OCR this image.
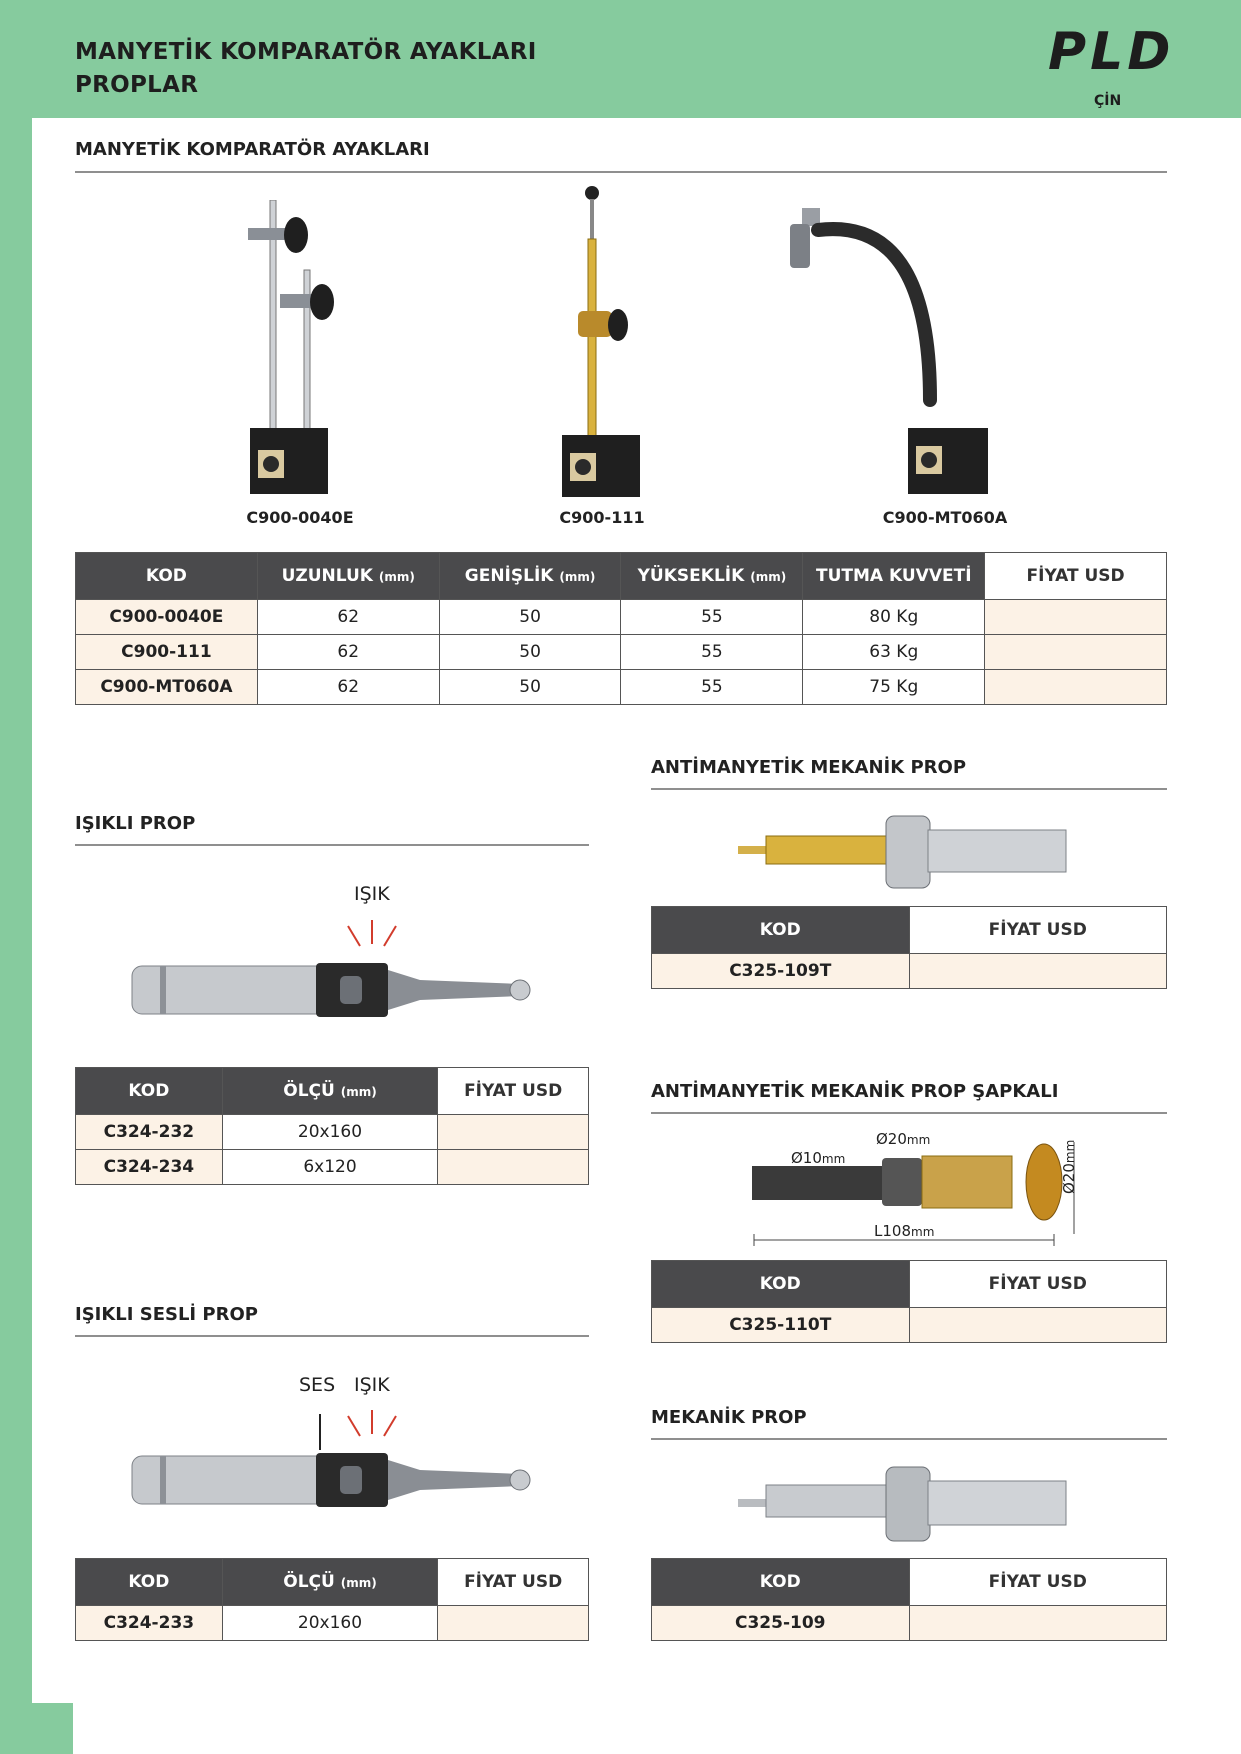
MANYETİK KOMPARATÖR AYAKLARI
PROPLAR
PLD
ÇİN
MANYETİK KOMPARATÖR AYAKLARI
C900-0040E	C900-111	C900-MT060A
KOD	UZUNLUK (mm)	GENİŞLİK (mm)	YÜKSEKLİK (mm)	TUTMA KUVVETİ	FİYAT USD
C900-0040E	62	50	55	80 Kg	
C900-111	62	50	55	63 Kg	
C900-MT060A	62	50	55	75 Kg	
IŞIKLI PROP
IŞIK
KOD	ÖLÇÜ (mm)	FİYAT USD
C324-232	20x160	
C324-234	6x120	
IŞIKLI SESLİ PROP
SES IŞIK
KOD	ÖLÇÜ (mm)	FİYAT USD
C324-233	20x160	
ANTİMANYETİK MEKANİK PROP
KOD	FİYAT USD
C325-109T	
ANTİMANYETİK MEKANİK PROP ŞAPKALI
Ø10mm
Ø20mm
L108mm
Ø20mm
KOD	FİYAT USD
C325-110T	
MEKANİK PROP
KOD	FİYAT USD
C325-109	
